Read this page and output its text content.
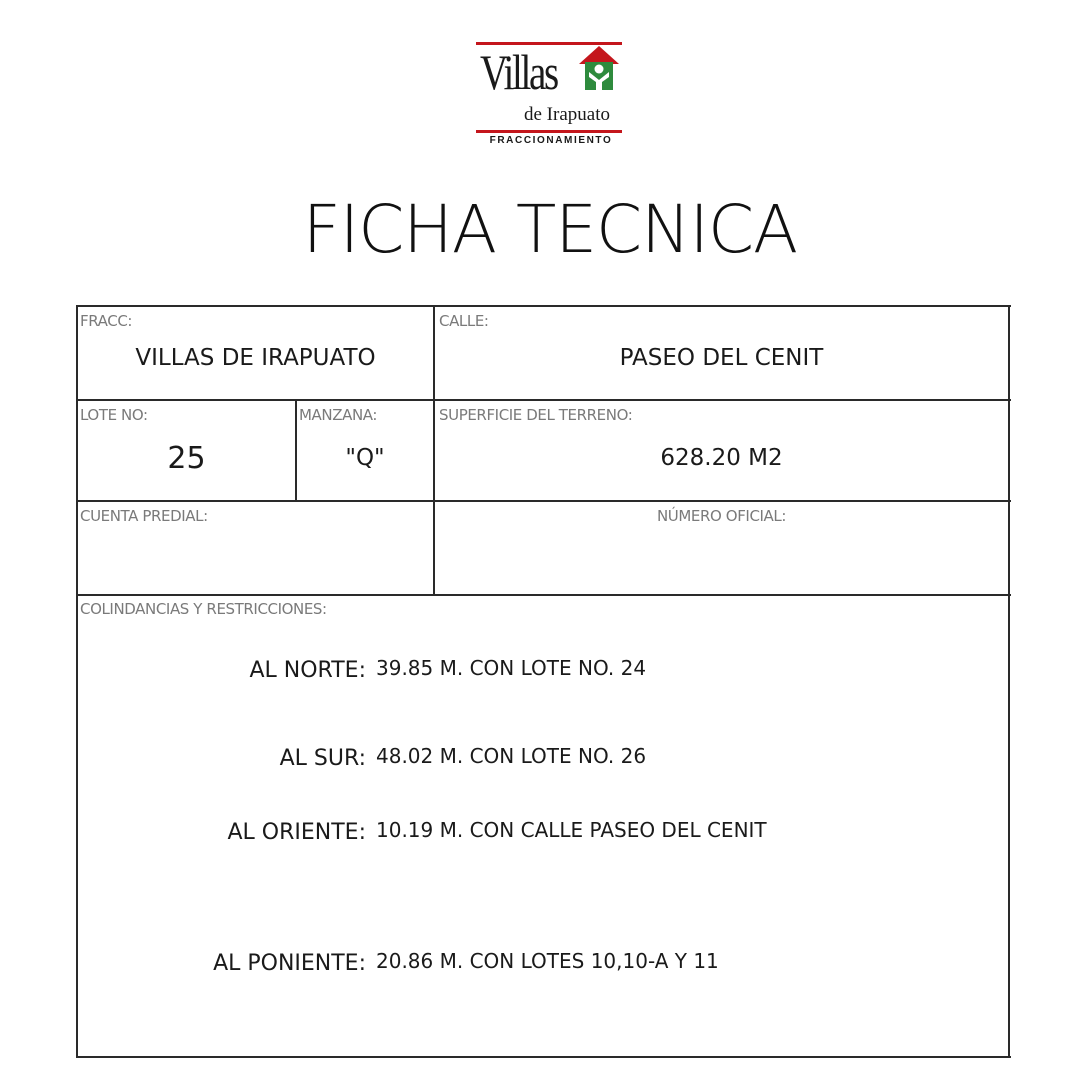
Villas
de Irapuato
FRACCIONAMIENTO
FICHA TECNICA
FRACC:
VILLAS DE IRAPUATO
CALLE:
PASEO DEL CENIT
LOTE NO:
25
MANZANA:
"Q"
SUPERFICIE DEL TERRENO:
628.20 M2
CUENTA PREDIAL:	NÚMERO OFICIAL:
COLINDANCIAS Y RESTRICCIONES:
AL NORTE: 39.85 M. CON LOTE NO. 24
AL SUR: 48.02 M. CON LOTE NO. 26
AL ORIENTE: 10.19 M. CON CALLE PASEO DEL CENIT
AL PONIENTE: 20.86 M. CON LOTES 10,10-A Y 11
